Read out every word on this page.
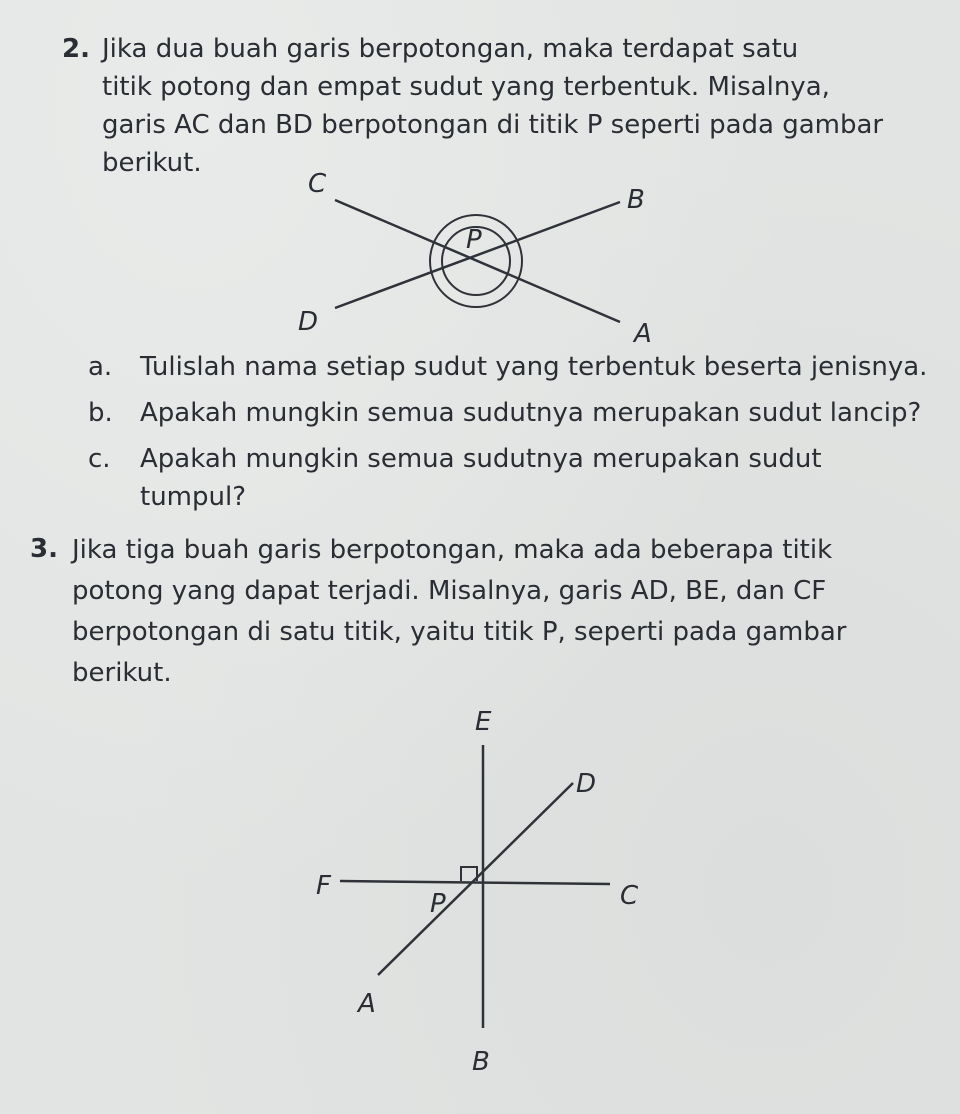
2. Jika dua buah garis berpotongan, maka terdapat satu
titik potong dan empat sudut yang terbentuk. Misalnya,
garis AC dan BD berpotongan di titik P seperti pada gambar
berikut.
C
B
P
D	A
a. Tulislah nama setiap sudut yang terbentuk beserta jenisnya.
b. Apakah mungkin semua sudutnya merupakan sudut lancip?
c. Apakah mungkin semua sudutnya merupakan sudut
tumpul?
3. Jika tiga buah garis berpotongan, maka ada beberapa titik
potong yang dapat terjadi. Misalnya, garis AD, BE, dan CF
berpotongan di satu titik, yaitu titik P, seperti pada gambar
berikut.
E
D
F
P	C
A
B
